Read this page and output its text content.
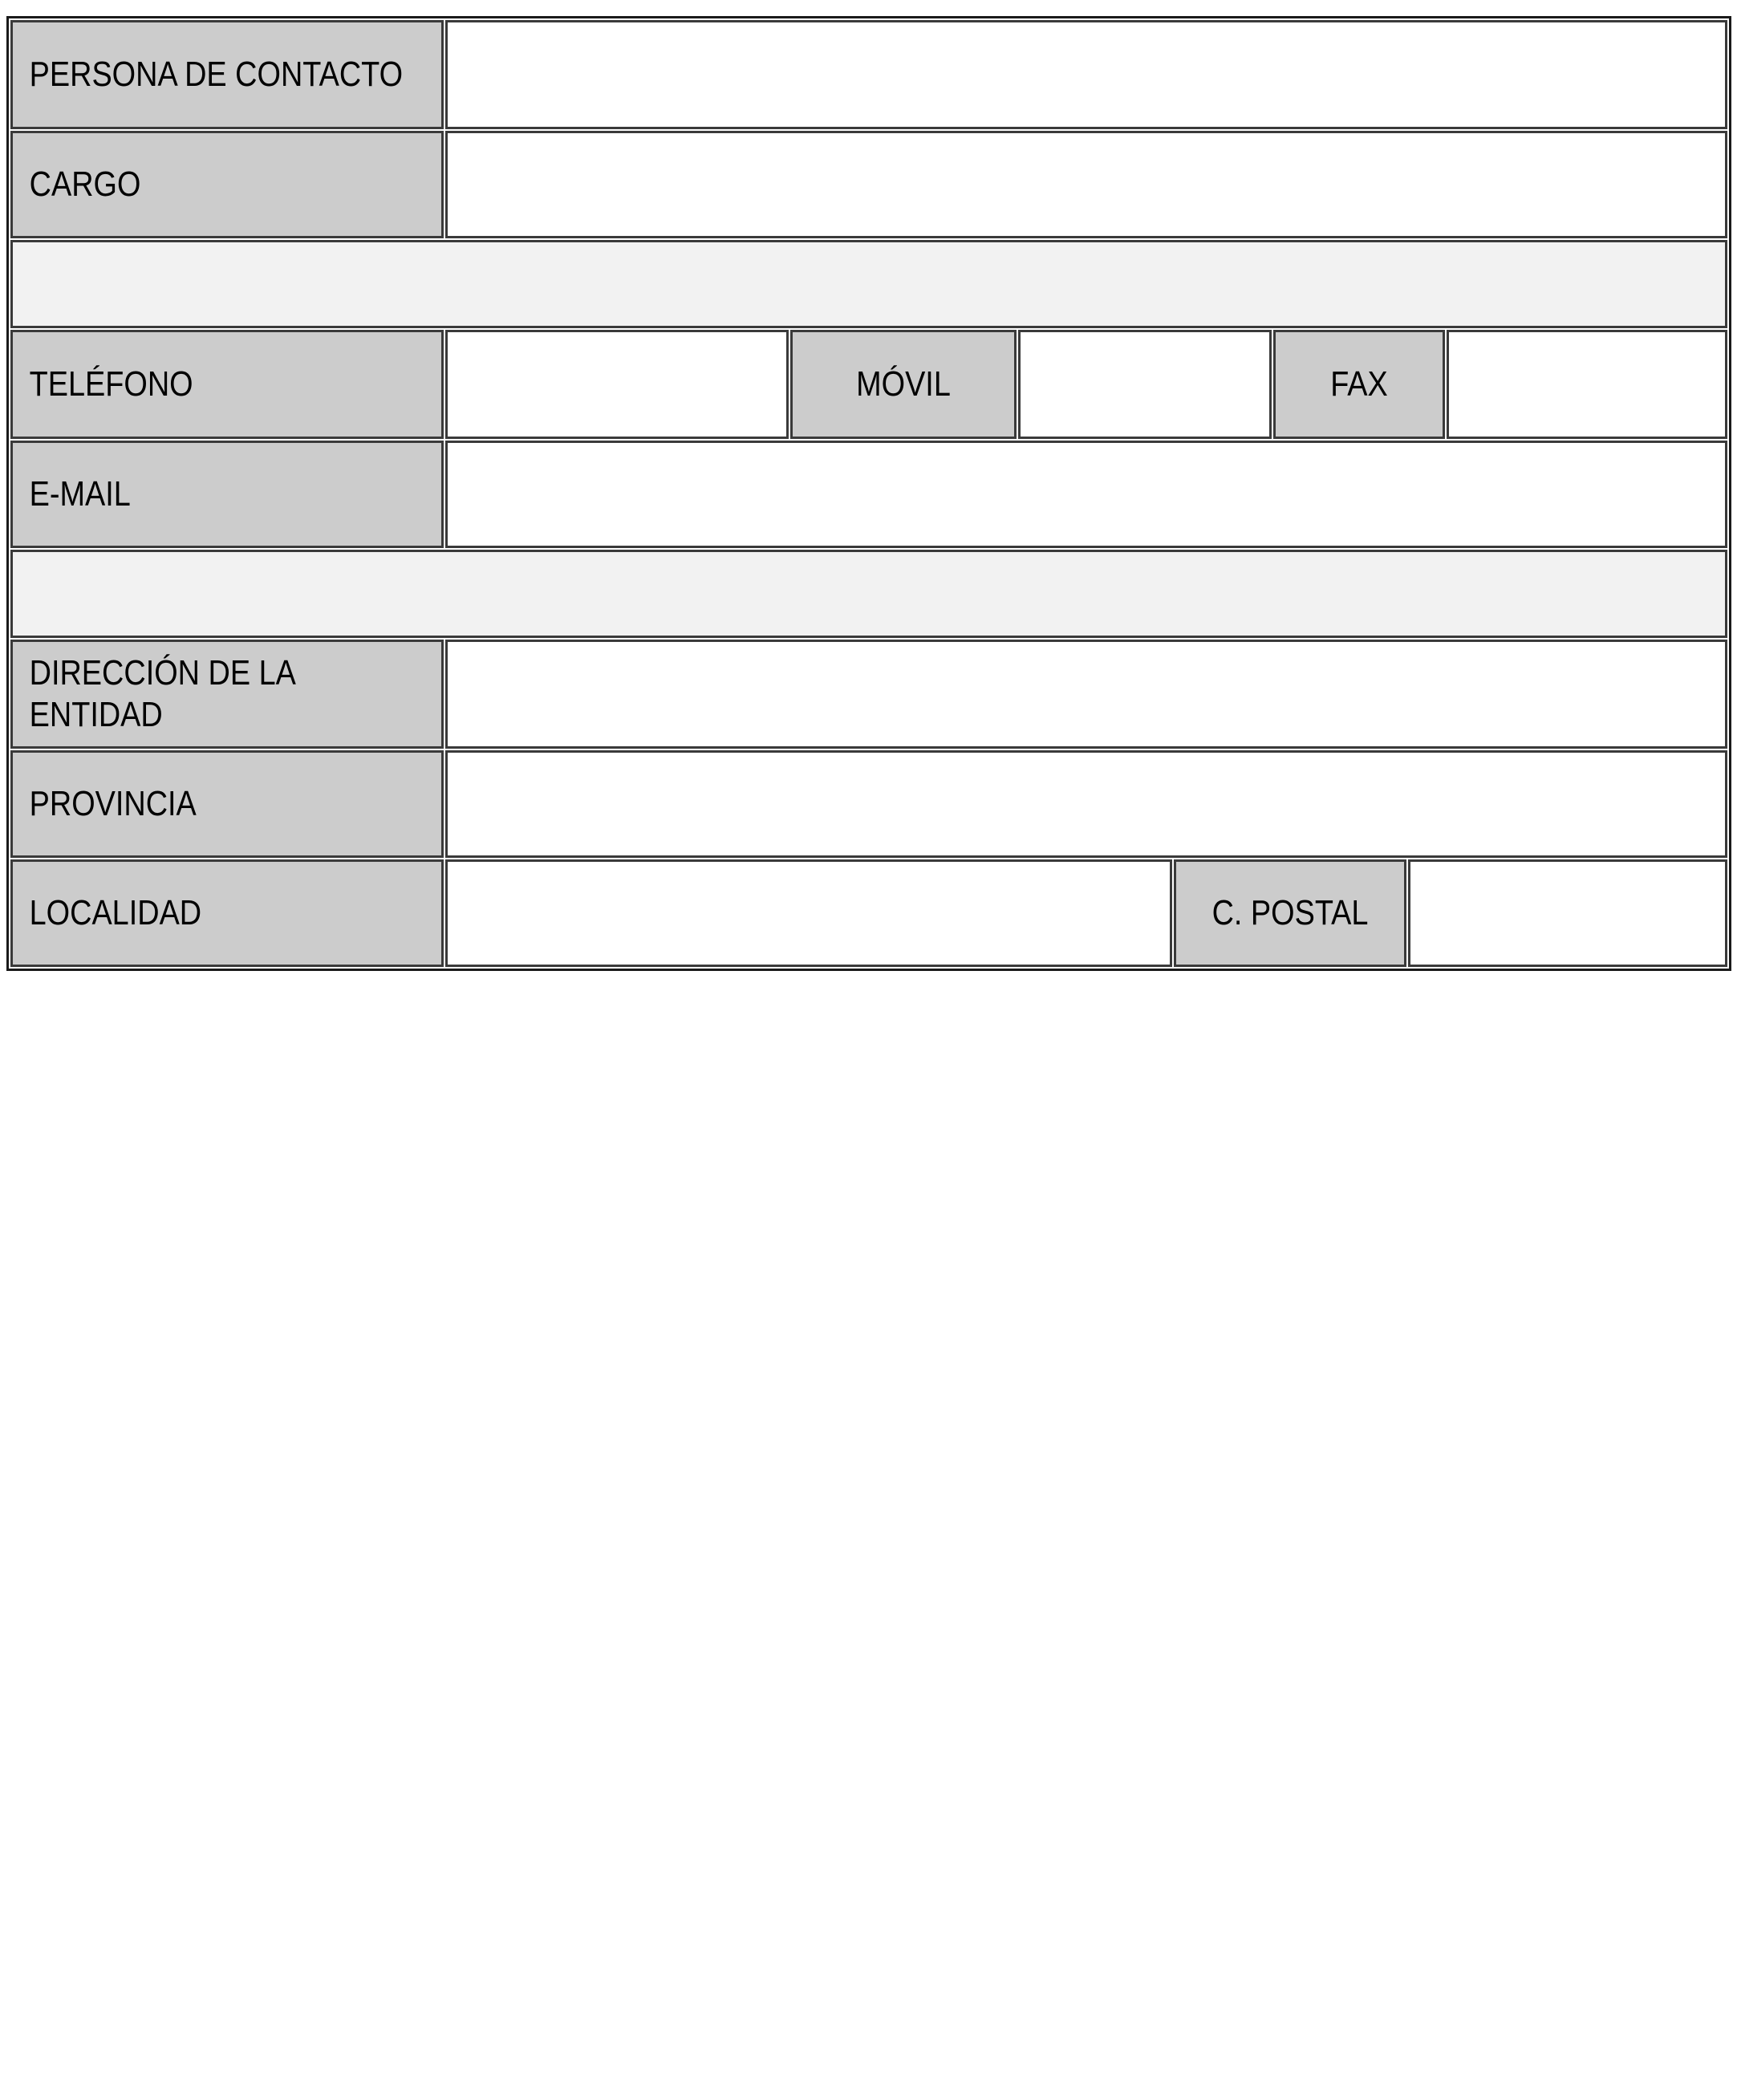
PERSONA DE CONTACTO
CARGO
TELÉFONO	MÓVIL	FAX
E-MAIL
DIRECCIÓN DE LA
ENTIDAD
PROVINCIA
LOCALIDAD	C. POSTAL
